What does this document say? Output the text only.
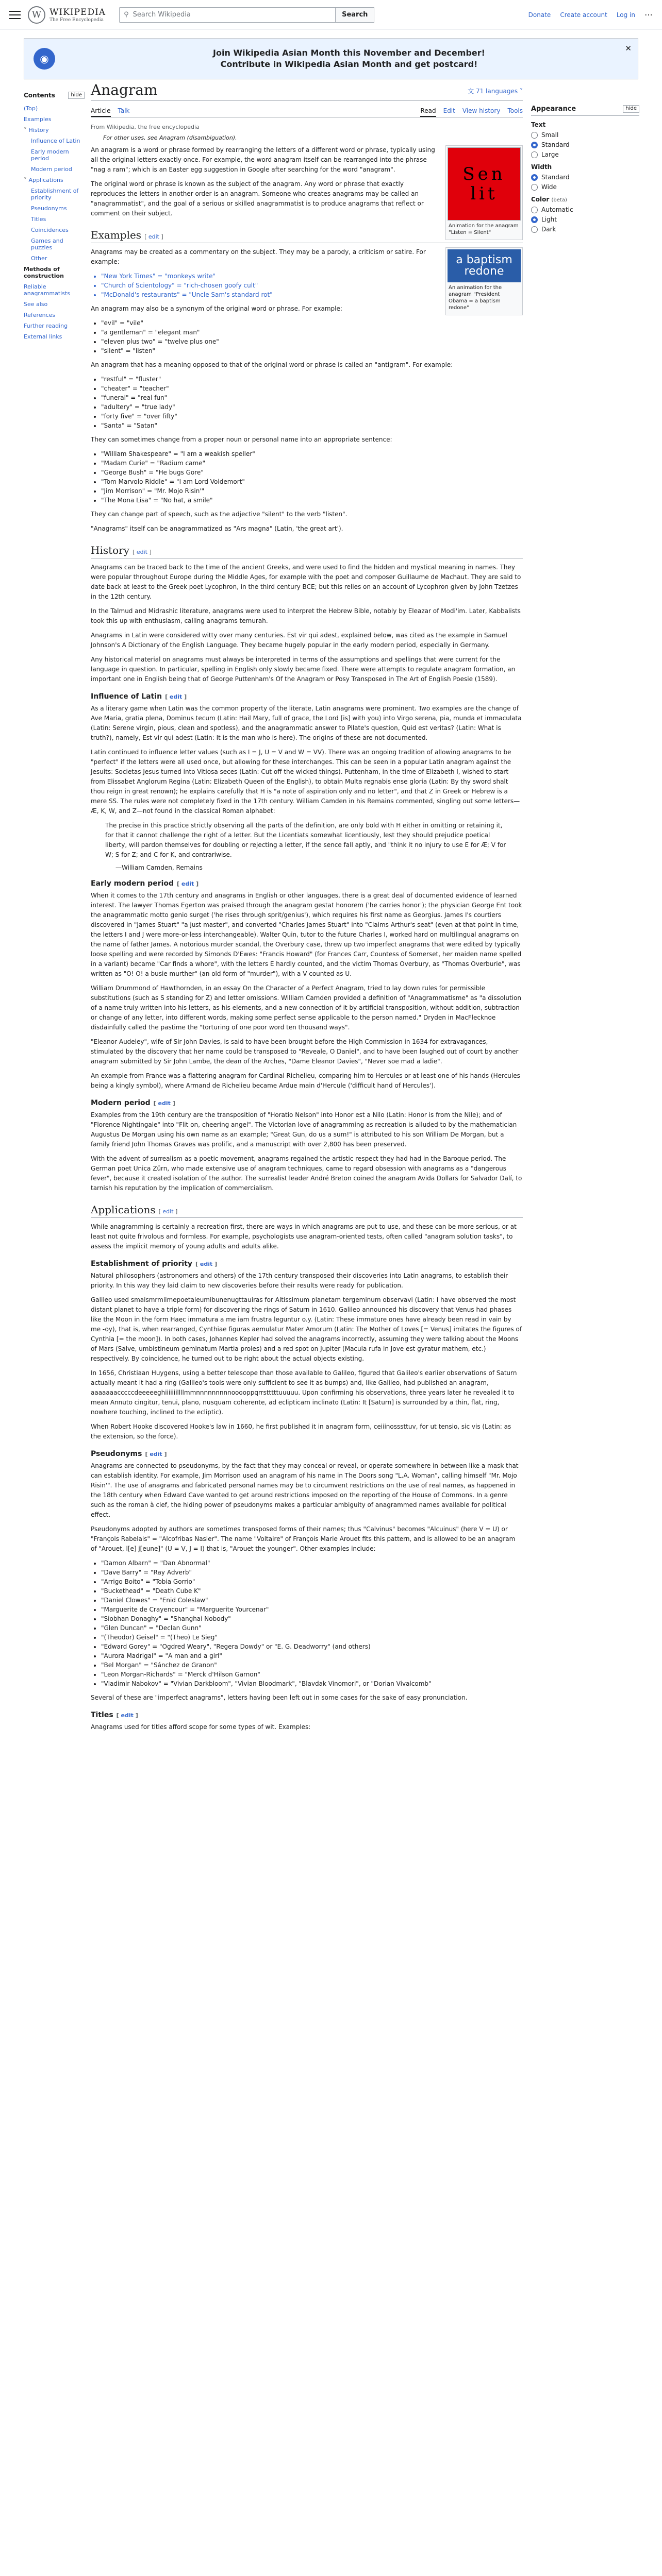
W WIKIPEDIA
The Free Encyclopedia
⚲ Search Wikipedia	Search	Donate Create account Log in ⋯
◉	Join Wikipedia Asian Month this November and December!
Contribute in Wikipedia Asian Month and get postcard!
✕
Contents	hide
(Top)
Examples
˅ History
Influence of Latin
Early modern period
Modern period
˅ Applications
Establishment of priority
Pseudonyms
Titles
Coincidences
Games and puzzles
Other
Methods of construction
Reliable anagrammatists
See also
References
Further reading
External links
Appearance	hide
Text
Small
Standard
Large
Width
Standard
Wide
Color (beta)
Automatic
Light
Dark
Anagram	文 71 languages ˅
Article Talk	Read Edit View history Tools
From Wikipedia, the free encyclopedia
For other uses, see Anagram (disambiguation).
Sen
lit
Animation for the anagram "Listen = Silent"

An anagram is a word or phrase formed by rearranging the letters of a different word or phrase, typically using all the original letters exactly once. For example, the word anagram itself can be rearranged into the phrase "nag a ram"; which is an Easter egg suggestion in Google after searching for the word "anagram".

The original word or phrase is known as the subject of the anagram. Any word or phrase that exactly reproduces the letters in another order is an anagram. Someone who creates anagrams may be called an "anagrammatist", and the goal of a serious or skilled anagrammatist is to produce anagrams that reflect or comment on their subject.

Examples [ edit ]
a baptism redone
An animation for the anagram "President Obama = a baptism redone"

Anagrams may be created as a commentary on the subject. They may be a parody, a criticism or satire. For example:

• "New York Times" = "monkeys write"
• "Church of Scientology" = "rich-chosen goofy cult"
• "McDonald's restaurants" = "Uncle Sam's standard rot"

An anagram may also be a synonym of the original word or phrase. For example:

• "evil" = "vile"
• "a gentleman" = "elegant man"
• "eleven plus two" = "twelve plus one"
• "silent" = "listen"

An anagram that has a meaning opposed to that of the original word or phrase is called an "antigram". For example:

• "restful" = "fluster"
• "cheater" = "teacher"
• "funeral" = "real fun"
• "adultery" = "true lady"
• "forty five" = "over fifty"
• "Santa" = "Satan"

They can sometimes change from a proper noun or personal name into an appropriate sentence:

• "William Shakespeare" = "I am a weakish speller"
• "Madam Curie" = "Radium came"
• "George Bush" = "He bugs Gore"
• "Tom Marvolo Riddle" = "I am Lord Voldemort"
• "Jim Morrison" = "Mr. Mojo Risin'"
• "The Mona Lisa" = "No hat, a smile"

They can change part of speech, such as the adjective "silent" to the verb "listen".

"Anagrams" itself can be anagrammatized as "Ars magna" (Latin, 'the great art').

History [ edit ]

Anagrams can be traced back to the time of the ancient Greeks, and were used to find the hidden and mystical meaning in names. They were popular throughout Europe during the Middle Ages, for example with the poet and composer Guillaume de Machaut. They are said to date back at least to the Greek poet Lycophron, in the third century BCE; but this relies on an account of Lycophron given by John Tzetzes in the 12th century.

In the Talmud and Midrashic literature, anagrams were used to interpret the Hebrew Bible, notably by Eleazar of Modi'im. Later, Kabbalists took this up with enthusiasm, calling anagrams temurah.

Anagrams in Latin were considered witty over many centuries. Est vir qui adest, explained below, was cited as the example in Samuel Johnson's A Dictionary of the English Language. They became hugely popular in the early modern period, especially in Germany.

Any historical material on anagrams must always be interpreted in terms of the assumptions and spellings that were current for the language in question. In particular, spelling in English only slowly became fixed. There were attempts to regulate anagram formation, an important one in English being that of George Puttenham's Of the Anagram or Posy Transposed in The Art of English Poesie (1589).

Influence of Latin [ edit ]

As a literary game when Latin was the common property of the literate, Latin anagrams were prominent. Two examples are the change of Ave Maria, gratia plena, Dominus tecum (Latin: Hail Mary, full of grace, the Lord [is] with you) into Virgo serena, pia, munda et immaculata (Latin: Serene virgin, pious, clean and spotless), and the anagrammatic answer to Pilate's question, Quid est veritas? (Latin: What is truth?), namely, Est vir qui adest (Latin: It is the man who is here). The origins of these are not documented.

Latin continued to influence letter values (such as I = J, U = V and W = VV). There was an ongoing tradition of allowing anagrams to be "perfect" if the letters were all used once, but allowing for these interchanges. This can be seen in a popular Latin anagram against the Jesuits: Societas Jesus turned into Vitiosa seces (Latin: Cut off the wicked things). Puttenham, in the time of Elizabeth I, wished to start from Elissabet Anglorum Regina (Latin: Elizabeth Queen of the English), to obtain Multa regnabis ense gloria (Latin: By thy sword shalt thou reign in great renown); he explains carefully that H is "a note of aspiration only and no letter", and that Z in Greek or Hebrew is a mere SS. The rules were not completely fixed in the 17th century. William Camden in his Remains commented, singling out some letters—Æ, K, W, and Z—not found in the classical Roman alphabet:

The precise in this practice strictly observing all the parts of the definition, are only bold with H either in omitting or retaining it, for that it cannot challenge the right of a letter. But the Licentiats somewhat licentiously, lest they should prejudice poetical liberty, will pardon themselves for doubling or rejecting a letter, if the sence fall aptly, and "think it no injury to use E for Æ; V for W; S for Z; and C for K, and contrariwise.
—William Camden, Remains
Early modern period [ edit ]

When it comes to the 17th century and anagrams in English or other languages, there is a great deal of documented evidence of learned interest. The lawyer Thomas Egerton was praised through the anagram gestat honorem ('he carries honor'); the physician George Ent took the anagrammatic motto genio surget ('he rises through sprit/genius'), which requires his first name as Georgius. James I's courtiers discovered in "James Stuart" "a just master", and converted "Charles James Stuart" into "Claims Arthur's seat" (even at that point in time, the letters I and J were more-or-less interchangeable). Walter Quin, tutor to the future Charles I, worked hard on multilingual anagrams on the name of father James. A notorious murder scandal, the Overbury case, threw up two imperfect anagrams that were edited by typically loose spelling and were recorded by Simonds D'Ewes: "Francis Howard" (for Frances Carr, Countess of Somerset, her maiden name spelled in a variant) became "Car finds a whore", with the letters E hardly counted, and the victim Thomas Overbury, as "Thomas Overburie", was written as "O! O! a busie murther" (an old form of "murder"), with a V counted as U.

William Drummond of Hawthornden, in an essay On the Character of a Perfect Anagram, tried to lay down rules for permissible substitutions (such as S standing for Z) and letter omissions. William Camden provided a definition of "Anagrammatisme" as "a dissolution of a name truly written into his letters, as his elements, and a new connection of it by artificial transposition, without addition, subtraction or change of any letter, into different words, making some perfect sense applicable to the person named." Dryden in MacFlecknoe disdainfully called the pastime the "torturing of one poor word ten thousand ways".

"Eleanor Audeley", wife of Sir John Davies, is said to have been brought before the High Commission in 1634 for extravagances, stimulated by the discovery that her name could be transposed to "Reveale, O Daniel", and to have been laughed out of court by another anagram submitted by Sir John Lambe, the dean of the Arches, "Dame Eleanor Davies", "Never soe mad a ladie".

An example from France was a flattering anagram for Cardinal Richelieu, comparing him to Hercules or at least one of his hands (Hercules being a kingly symbol), where Armand de Richelieu became Ardue main d'Hercule ('difficult hand of Hercules').

Modern period [ edit ]

Examples from the 19th century are the transposition of "Horatio Nelson" into Honor est a Nilo (Latin: Honor is from the Nile); and of "Florence Nightingale" into "Flit on, cheering angel". The Victorian love of anagramming as recreation is alluded to by the mathematician Augustus De Morgan using his own name as an example; "Great Gun, do us a sum!" is attributed to his son William De Morgan, but a family friend John Thomas Graves was prolific, and a manuscript with over 2,800 has been preserved.

With the advent of surrealism as a poetic movement, anagrams regained the artistic respect they had had in the Baroque period. The German poet Unica Zürn, who made extensive use of anagram techniques, came to regard obsession with anagrams as a "dangerous fever", because it created isolation of the author. The surrealist leader André Breton coined the anagram Avida Dollars for Salvador Dalí, to tarnish his reputation by the implication of commercialism.

Applications [ edit ]

While anagramming is certainly a recreation first, there are ways in which anagrams are put to use, and these can be more serious, or at least not quite frivolous and formless. For example, psychologists use anagram-oriented tests, often called "anagram solution tasks", to assess the implicit memory of young adults and adults alike.

Establishment of priority [ edit ]

Natural philosophers (astronomers and others) of the 17th century transposed their discoveries into Latin anagrams, to establish their priority. In this way they laid claim to new discoveries before their results were ready for publication.

Galileo used smaismrmilmepoetaleumibunenugttauiras for Altissimum planetam tergeminum observavi (Latin: I have observed the most distant planet to have a triple form) for discovering the rings of Saturn in 1610. Galileo announced his discovery that Venus had phases like the Moon in the form Haec immatura a me iam frustra leguntur o.y. (Latin: These immature ones have already been read in vain by me -oy), that is, when rearranged, Cynthiae figuras aemulatur Mater Amorum (Latin: The Mother of Loves [= Venus] imitates the figures of Cynthia [= the moon]). In both cases, Johannes Kepler had solved the anagrams incorrectly, assuming they were talking about the Moons of Mars (Salve, umbistineum geminatum Martia proles) and a red spot on Jupiter (Macula rufa in Jove est gyratur mathem, etc.) respectively. By coincidence, he turned out to be right about the actual objects existing.

In 1656, Christiaan Huygens, using a better telescope than those available to Galileo, figured that Galileo's earlier observations of Saturn actually meant it had a ring (Galileo's tools were only sufficient to see it as bumps) and, like Galileo, had published an anagram, aaaaaaacccccdeeeeeghiiiiiiillllmmnnnnnnnnnooooppqrrstttttuuuuu. Upon confirming his observations, three years later he revealed it to mean Annuto cingitur, tenui, plano, nusquam coherente, ad eclipticam inclinato (Latin: It [Saturn] is surrounded by a thin, flat, ring, nowhere touching, inclined to the ecliptic).

When Robert Hooke discovered Hooke's law in 1660, he first published it in anagram form, ceiiinosssttuv, for ut tensio, sic vis (Latin: as the extension, so the force).

Pseudonyms [ edit ]

Anagrams are connected to pseudonyms, by the fact that they may conceal or reveal, or operate somewhere in between like a mask that can establish identity. For example, Jim Morrison used an anagram of his name in The Doors song "L.A. Woman", calling himself "Mr. Mojo Risin'". The use of anagrams and fabricated personal names may be to circumvent restrictions on the use of real names, as happened in the 18th century when Edward Cave wanted to get around restrictions imposed on the reporting of the House of Commons. In a genre such as the roman à clef, the hiding power of pseudonyms makes a particular ambiguity of anagrammed names available for political effect.

Pseudonyms adopted by authors are sometimes transposed forms of their names; thus "Calvinus" becomes "Alcuinus" (here V = U) or "François Rabelais" = "Alcofribas Nasier". The name "Voltaire" of François Marie Arouet fits this pattern, and is allowed to be an anagram of "Arouet, l[e] j[eune]" (U = V, J = I) that is, "Arouet the younger". Other examples include:

• "Damon Albarn" = "Dan Abnormal"
• "Dave Barry" = "Ray Adverb"
• "Arrigo Boito" = "Tobia Gorrio"
• "Buckethead" = "Death Cube K"
• "Daniel Clowes" = "Enid Coleslaw"
• "Marguerite de Crayencour" = "Marguerite Yourcenar"
• "Siobhan Donaghy" = "Shanghai Nobody"
• "Glen Duncan" = "Declan Gunn"
• "(Theodor) Geisel" = "(Theo) Le Sieg"
• "Edward Gorey" = "Ogdred Weary", "Regera Dowdy" or "E. G. Deadworry" (and others)
• "Aurora Madrigal" = "A man and a girl"
• "Bel Morgan" = "Sánchez de Granon"
• "Leon Morgan-Richards" = "Merck d'Hilson Garnon"
• "Vladimir Nabokov" = "Vivian Darkbloom", "Vivian Bloodmark", "Blavdak Vinomori", or "Dorian Vivalcomb"

Several of these are "imperfect anagrams", letters having been left out in some cases for the sake of easy pronunciation.

Titles [ edit ]

Anagrams used for titles afford scope for some types of wit. Examples:
